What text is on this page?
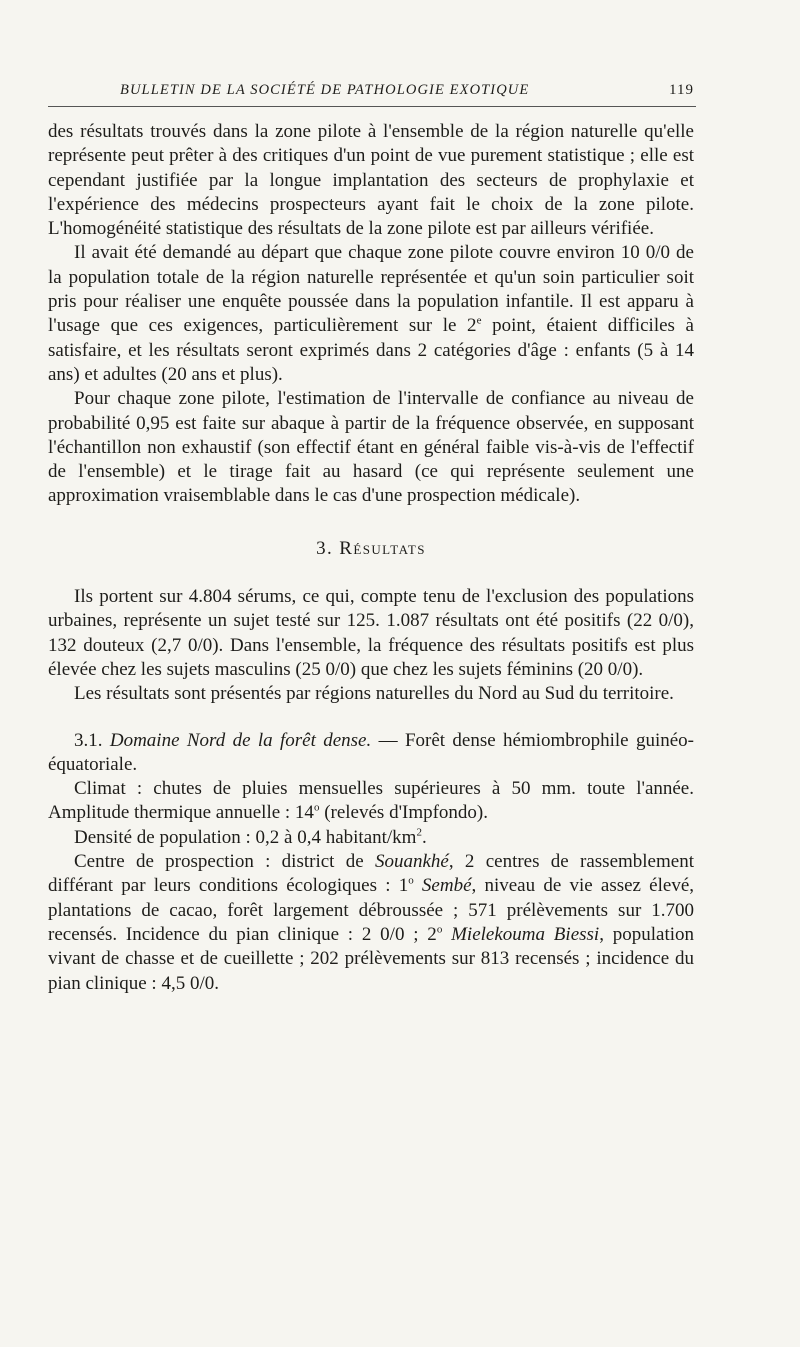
BULLETIN DE LA SOCIÉTÉ DE PATHOLOGIE EXOTIQUE	119

des résultats trouvés dans la zone pilote à l'ensemble de la région naturelle qu'elle représente peut prêter à des critiques d'un point de vue purement statistique ; elle est cependant justifiée par la longue implantation des secteurs de prophylaxie et l'expérience des médecins prospecteurs ayant fait le choix de la zone pilote. L'homogénéité statistique des résultats de la zone pilote est par ailleurs vérifiée.

Il avait été demandé au départ que chaque zone pilote couvre environ 10 0/0 de la population totale de la région naturelle représentée et qu'un soin particulier soit pris pour réaliser une enquête poussée dans la population infantile. Il est apparu à l'usage que ces exigences, particulièrement sur le 2e point, étaient difficiles à satisfaire, et les résultats seront exprimés dans 2 catégories d'âge : enfants (5 à 14 ans) et adultes (20 ans et plus).

Pour chaque zone pilote, l'estimation de l'intervalle de confiance au niveau de probabilité 0,95 est faite sur abaque à partir de la fréquence observée, en supposant l'échantillon non exhaustif (son effectif étant en général faible vis-à-vis de l'effectif de l'ensemble) et le tirage fait au hasard (ce qui représente seulement une approximation vraisemblable dans le cas d'une prospection médicale).

3. Résultats

Ils portent sur 4.804 sérums, ce qui, compte tenu de l'exclusion des populations urbaines, représente un sujet testé sur 125. 1.087 résultats ont été positifs (22 0/0), 132 douteux (2,7 0/0). Dans l'ensemble, la fréquence des résultats positifs est plus élevée chez les sujets masculins (25 0/0) que chez les sujets féminins (20 0/0).

Les résultats sont présentés par régions naturelles du Nord au Sud du territoire.

3.1. Domaine Nord de la forêt dense. — Forêt dense hémiombrophile guinéo-équatoriale.

Climat : chutes de pluies mensuelles supérieures à 50 mm. toute l'année. Amplitude thermique annuelle : 14$^o$ (relevés d'Impfondo).

Densité de population : 0,2 à 0,4 habitant/$km^2$.

Centre de prospection : district de Souankhé, 2 centres de rassemblement différant par leurs conditions écologiques : 1$^o$ Sembé, niveau de vie assez élevé, plantations de cacao, forêt largement débroussée ; 571 prélèvements sur 1.700 recensés. Incidence du pian clinique : 2 0/0 ; 2$^o$ Mielekouma Biessi, population vivant de chasse et de cueillette ; 202 prélèvements sur 813 recensés ; incidence du pian clinique : 4,5 0/0.
